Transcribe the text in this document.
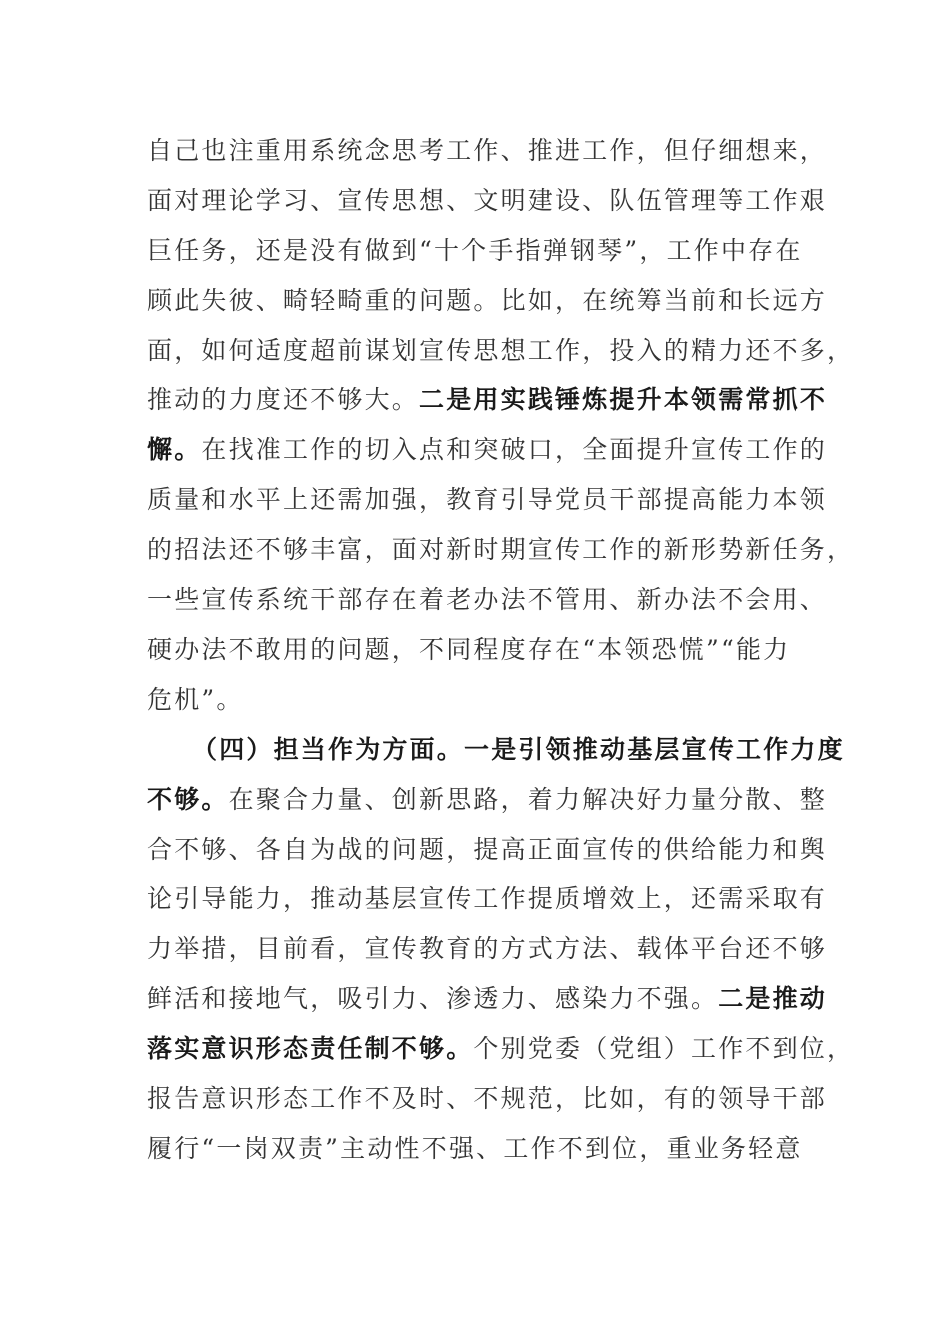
自己也注重用系统念思考工作、推进工作，但仔细想来，
面对理论学习、宣传思想、文明建设、队伍管理等工作艰
巨任务，还是没有做到“十个手指弹钢琴”，工作中存在
顾此失彼、畸轻畸重的问题。比如，在统筹当前和长远方
面，如何适度超前谋划宣传思想工作，投入的精力还不多，
推动的力度还不够大。二是用实践锤炼提升本领需常抓不
懈。在找准工作的切入点和突破口，全面提升宣传工作的
质量和水平上还需加强，教育引导党员干部提高能力本领
的招法还不够丰富，面对新时期宣传工作的新形势新任务，
一些宣传系统干部存在着老办法不管用、新办法不会用、
硬办法不敢用的问题，不同程度存在“本领恐慌”“能力
危机”。
（四）担当作为方面。一是引领推动基层宣传工作力度
不够。在聚合力量、创新思路，着力解决好力量分散、整
合不够、各自为战的问题，提高正面宣传的供给能力和舆
论引导能力，推动基层宣传工作提质增效上，还需采取有
力举措，目前看，宣传教育的方式方法、载体平台还不够
鲜活和接地气，吸引力、渗透力、感染力不强。二是推动
落实意识形态责任制不够。个别党委（党组）工作不到位，
报告意识形态工作不及时、不规范，比如，有的领导干部
履行“一岗双责”主动性不强、工作不到位，重业务轻意
